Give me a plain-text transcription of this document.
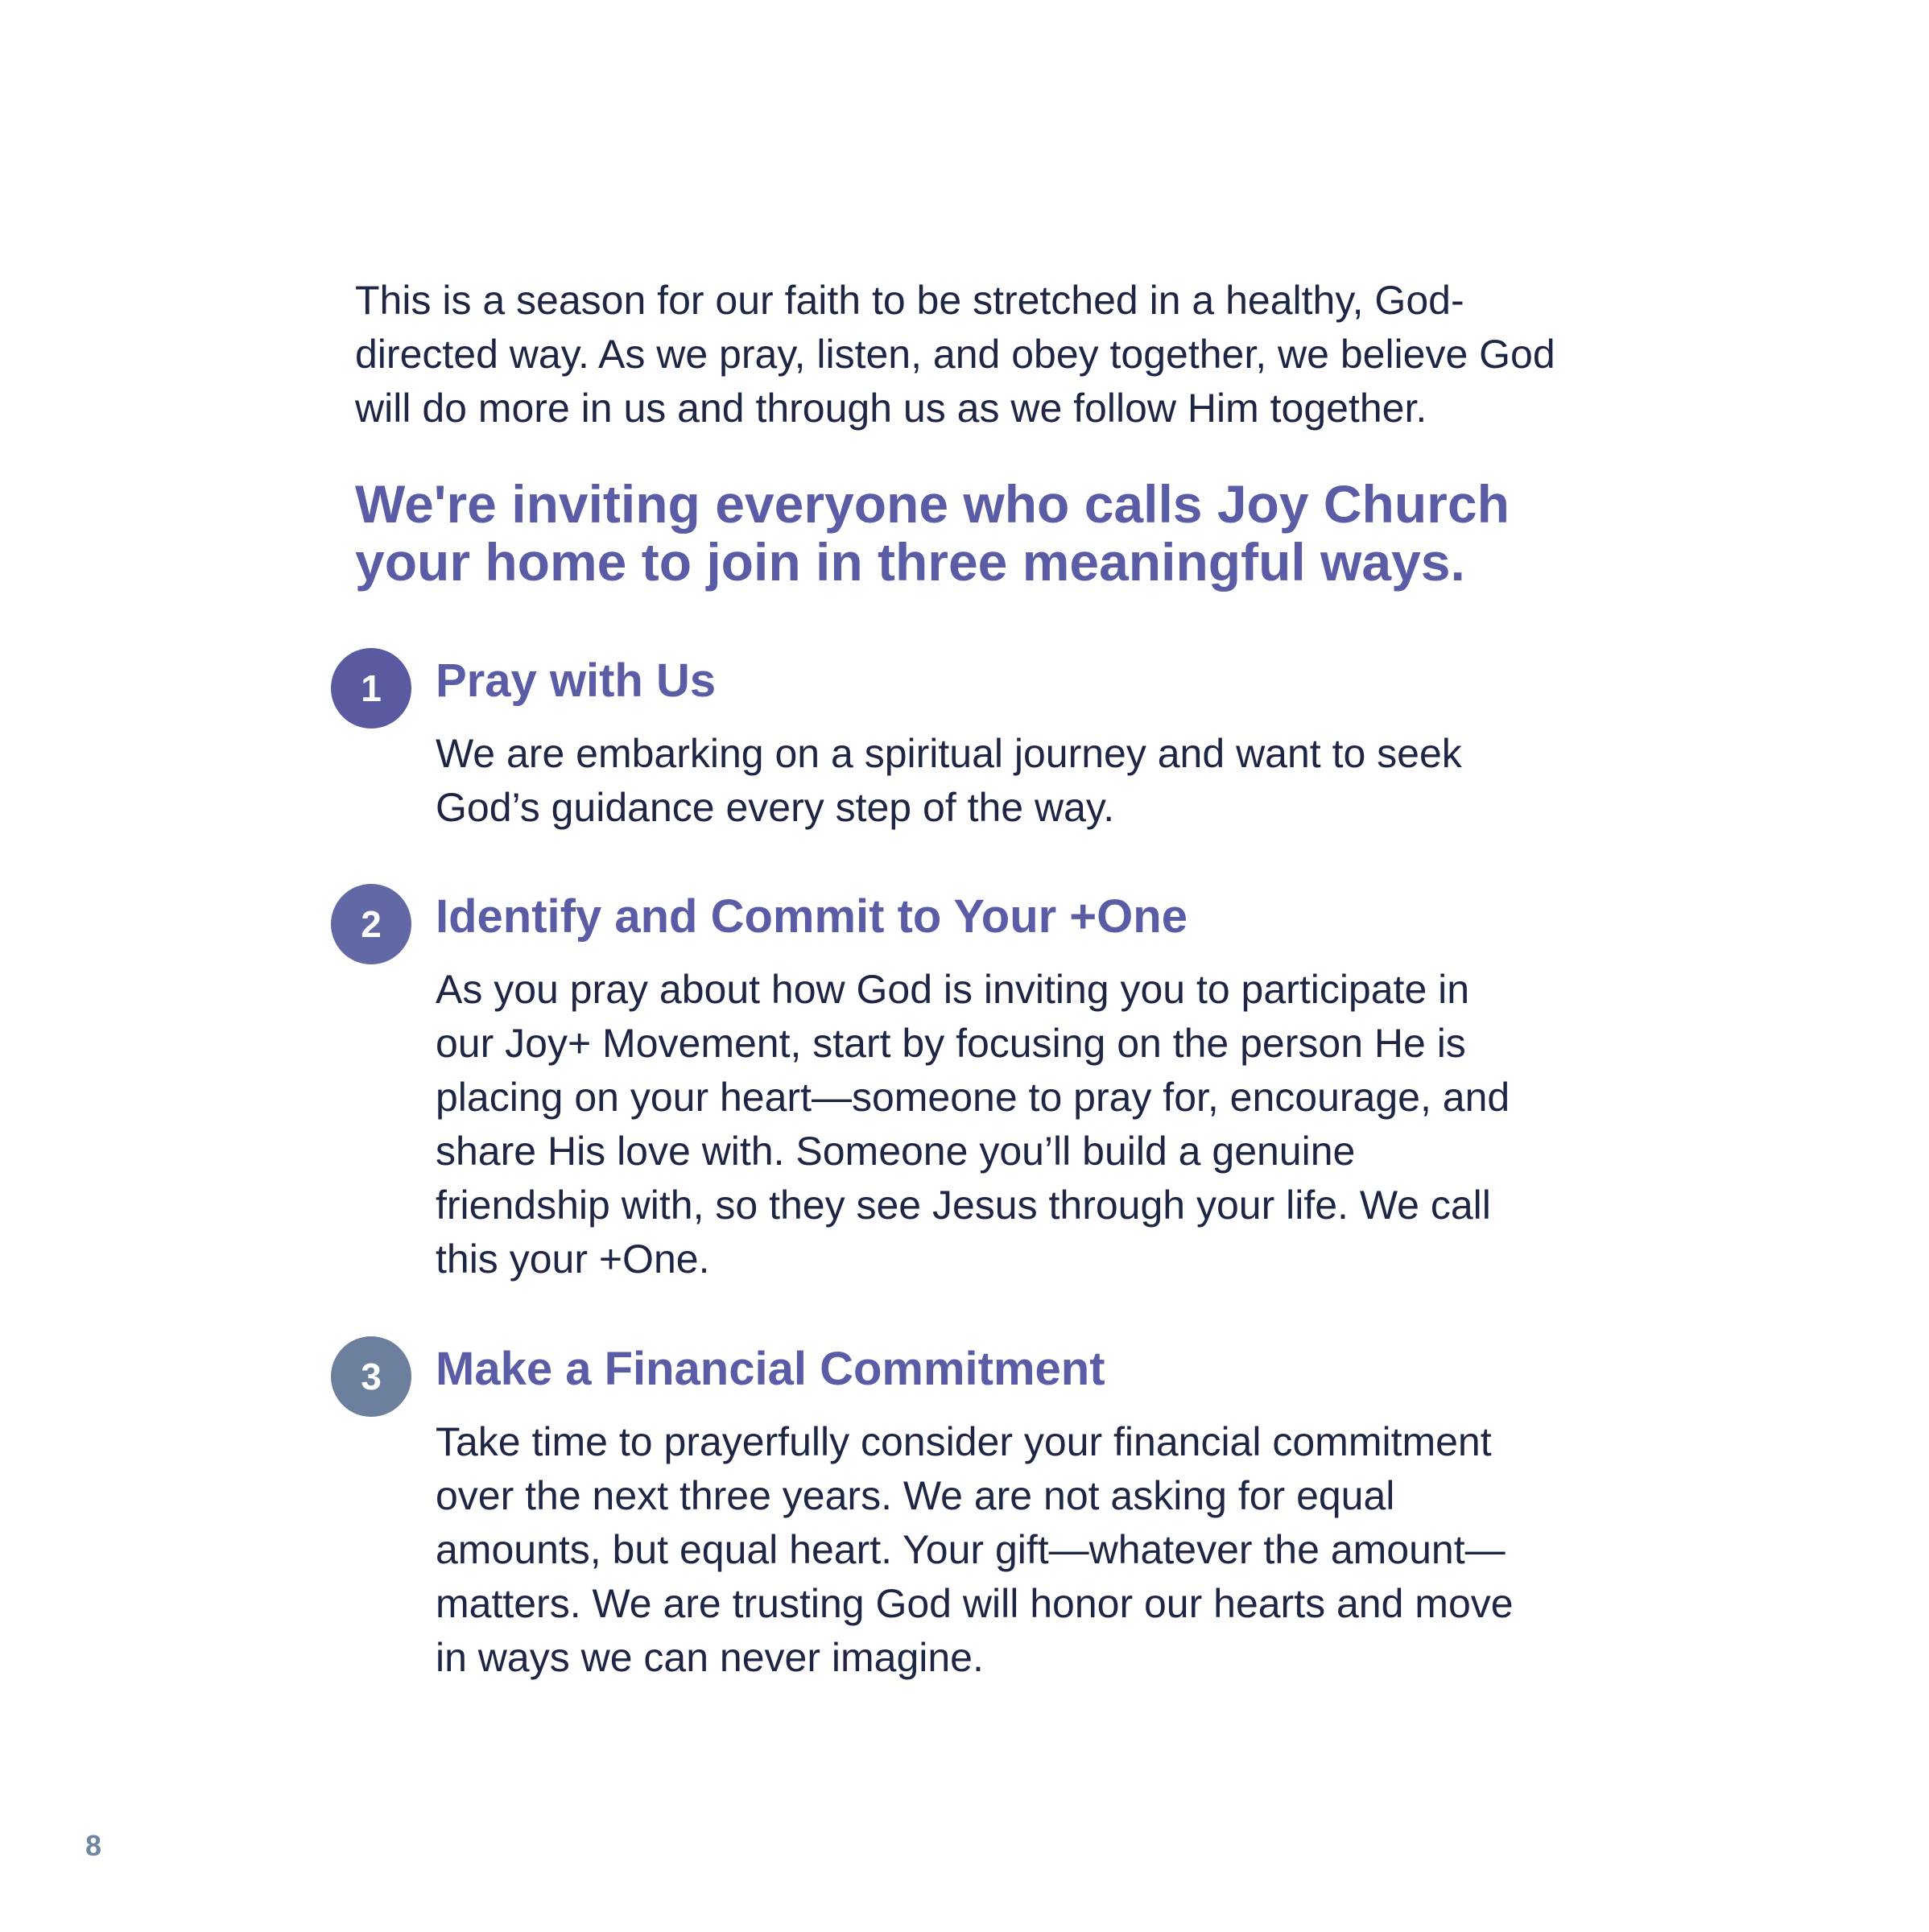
This is a season for our faith to be stretched in a healthy, God-directed way. As we pray, listen, and obey together, we believe God will do more in us and through us as we follow Him together.

We're inviting everyone who calls Joy Church your home to join in three meaningful ways.
1	Pray with Us

We are embarking on a spiritual journey and want to seek God’s guidance every step of the way.

2	Identify and Commit to Your +One

As you pray about how God is inviting you to participate in our Joy+ Movement, start by focusing on the person He is placing on your heart—someone to pray for, encourage, and share His love with. Someone you’ll build a genuine friendship with, so they see Jesus through your life. We call this your +One.

3	Make a Financial Commitment

Take time to prayerfully consider your financial commitment over the next three years. We are not asking for equal amounts, but equal heart. Your gift—whatever the amount—matters. We are trusting God will honor our hearts and move in ways we can never imagine.

8
